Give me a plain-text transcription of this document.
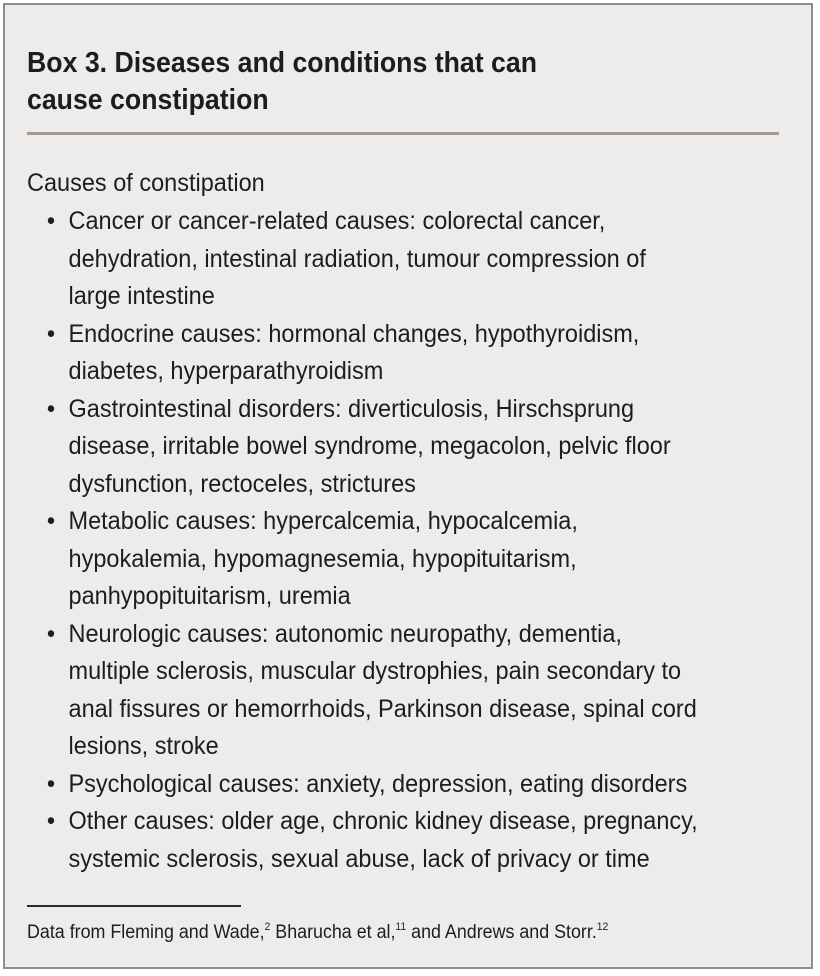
Box 3. Diseases and conditions that can
cause constipation
Causes of constipation
• Cancer or cancer-related causes: colorectal cancer,
dehydration, intestinal radiation, tumour compression of
large intestine
• Endocrine causes: hormonal changes, hypothyroidism,
diabetes, hyperparathyroidism
• Gastrointestinal disorders: diverticulosis, Hirschsprung
disease, irritable bowel syndrome, megacolon, pelvic floor
dysfunction, rectoceles, strictures
• Metabolic causes: hypercalcemia, hypocalcemia,
hypokalemia, hypomagnesemia, hypopituitarism,
panhypopituitarism, uremia
• Neurologic causes: autonomic neuropathy, dementia,
multiple sclerosis, muscular dystrophies, pain secondary to
anal fissures or hemorrhoids, Parkinson disease, spinal cord
lesions, stroke
• Psychological causes: anxiety, depression, eating disorders
• Other causes: older age, chronic kidney disease, pregnancy,
systemic sclerosis, sexual abuse, lack of privacy or time
Data from Fleming and Wade,$^2$ Bharucha et al,$^{11}$ and Andrews and Storr.$^{12}$
